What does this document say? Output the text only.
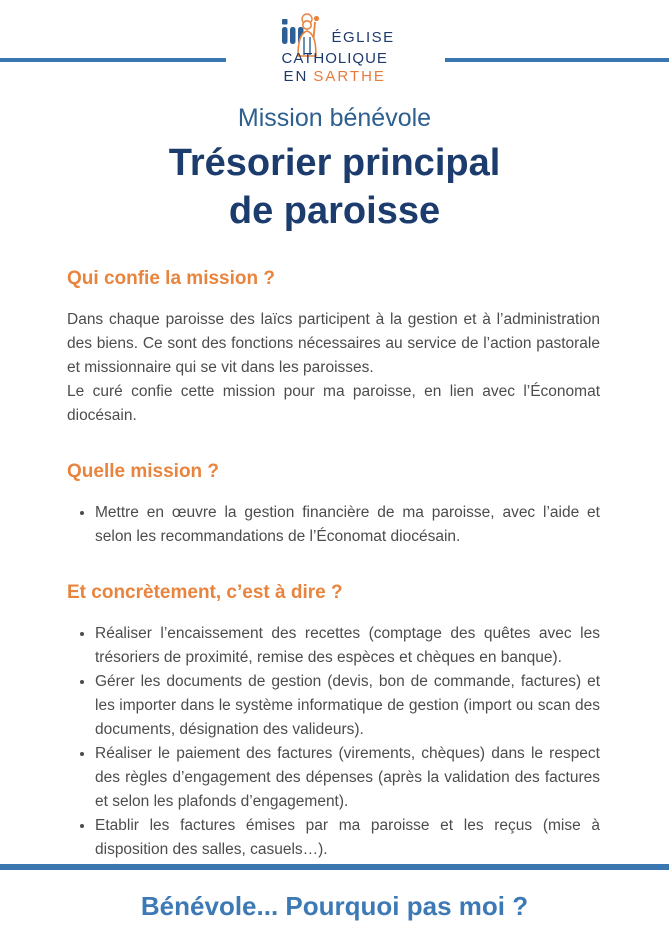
ÉGLISE
CATHOLIQUE
EN SARTHE
Mission bénévole
Trésorier principal
de paroisse
Qui confie la mission ?

Dans chaque paroisse des laïcs participent à la gestion et à l’administration des biens. Ce sont des fonctions nécessaires au service de l’action pastorale et missionnaire qui se vit dans les paroisses.

Le curé confie cette mission pour ma paroisse, en lien avec l’Économat diocésain.

Quelle mission ?
• Mettre en œuvre la gestion financière de ma paroisse, avec l’aide et selon les recommandations de l’Économat diocésain.
Et concrètement, c’est à dire ?
• Réaliser l’encaissement des recettes (comptage des quêtes avec les trésoriers de proximité, remise des espèces et chèques en banque).
• Gérer les documents de gestion (devis, bon de commande, factures) et les importer dans le système informatique de gestion (import ou scan des documents, désignation des valideurs).
• Réaliser le paiement des factures (virements, chèques) dans le respect des règles d’engagement des dépenses (après la validation des factures et selon les plafonds d’engagement).
• Etablir les factures émises par ma paroisse et les reçus (mise à disposition des salles, casuels…).
Bénévole... Pourquoi pas moi ?
